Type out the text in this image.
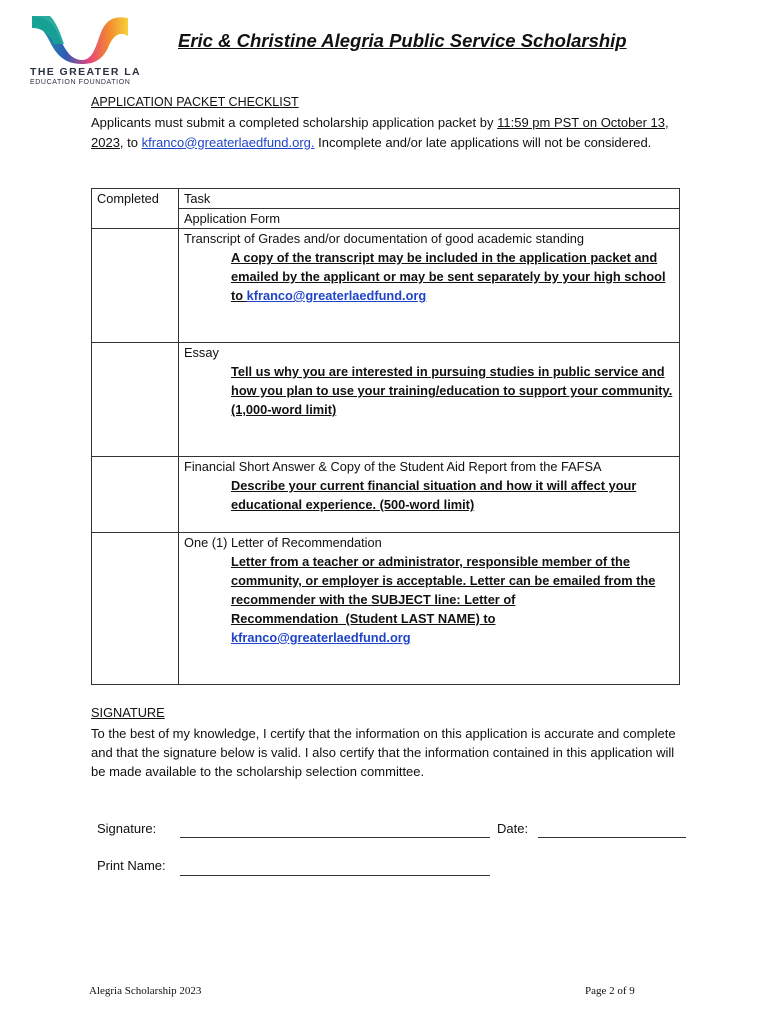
THE GREATER LA
EDUCATION FOUNDATION
Eric & Christine Alegria Public Service Scholarship
APPLICATION PACKET CHECKLIST
Applicants must submit a completed scholarship application packet by 11:59 pm PST on October 13, 2023, to kfranco@greaterlaedfund.org. Incomplete and/or late applications will not be considered.
Completed	Task

	Application Form

	Transcript of Grades and/or documentation of good academic standing
A copy of the transcript may be included in the application packet and emailed by the applicant or may be sent separately by your high school to kfranco@greaterlaedfund.org

	Essay
Tell us why you are interested in pursuing studies in public service and how you plan to use your training/education to support your community. (1,000-word limit)

	Financial Short Answer & Copy of the Student Aid Report from the FAFSA
Describe your current financial situation and how it will affect your educational experience. (500-word limit)

	One (1) Letter of Recommendation
Letter from a teacher or administrator, responsible member of the community, or employer is acceptable. Letter can be emailed from the recommender with the SUBJECT line: Letter of Recommendation_(Student LAST NAME) to
kfranco@greaterlaedfund.org
SIGNATURE
To the best of my knowledge, I certify that the information on this application is accurate and complete and that the signature below is valid. I also certify that the information contained in this application will be made available to the scholarship selection committee.
Signature:	Date:
Print Name:
Alegria Scholarship 2023	Page 2 of 9
